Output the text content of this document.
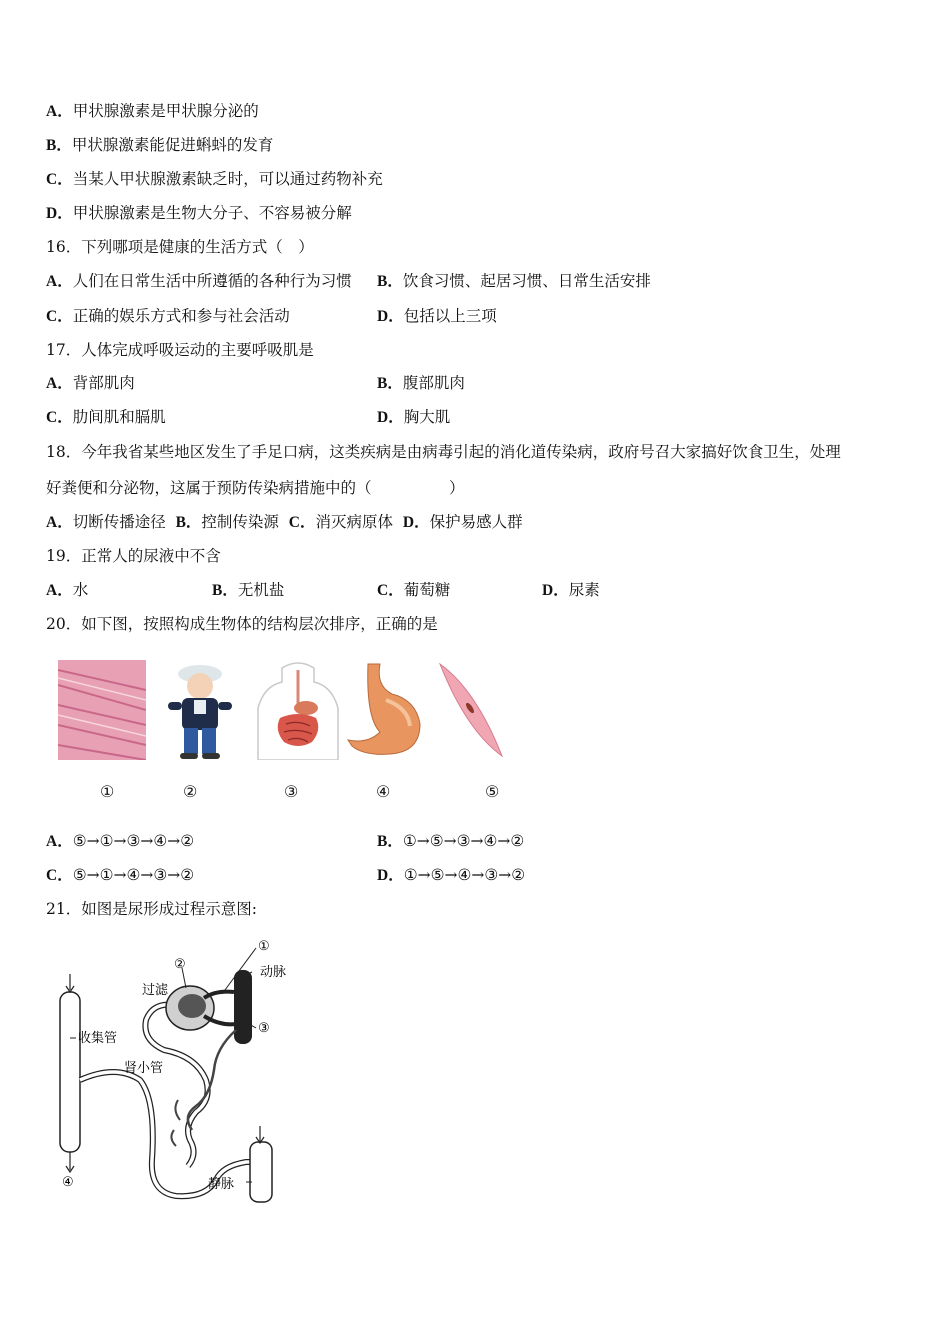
A．甲状腺激素是甲状腺分泌的
B．甲状腺激素能促进蝌蚪的发育
C．当某人甲状腺激素缺乏时，可以通过药物补充
D．甲状腺激素是生物大分子、不容易被分解
16．下列哪项是健康的生活方式（　）
A．人们在日常生活中所遵循的各种行为习惯 B．饮食习惯、起居习惯、日常生活安排
C．正确的娱乐方式和参与社会活动	D．包括以上三项
17．人体完成呼吸运动的主要呼吸肌是
A．背部肌肉	B．腹部肌肉
C．肋间肌和膈肌	D．胸大肌
18．今年我省某些地区发生了手足口病，这类疾病是由病毒引起的消化道传染病，政府号召大家搞好饮食卫生，处理
好粪便和分泌物，这属于预防传染病措施中的（　　　　　）
A．切断传播途径 B．控制传染源 C．消灭病原体 D．保护易感人群
19．正常人的尿液中不含
A．水	B．无机盐	C．葡萄糖	D．尿素
20．如下图，按照构成生物体的结构层次排序，正确的是
①	②	③	④	⑤
A．⑤→①→③→④→②	B．①→⑤→③→④→②
C．⑤→①→④→③→②	D．①→⑤→④→③→②
21．如图是尿形成过程示意图:
①
②
③
④
过滤
动脉
收集管
肾小管
静脉
